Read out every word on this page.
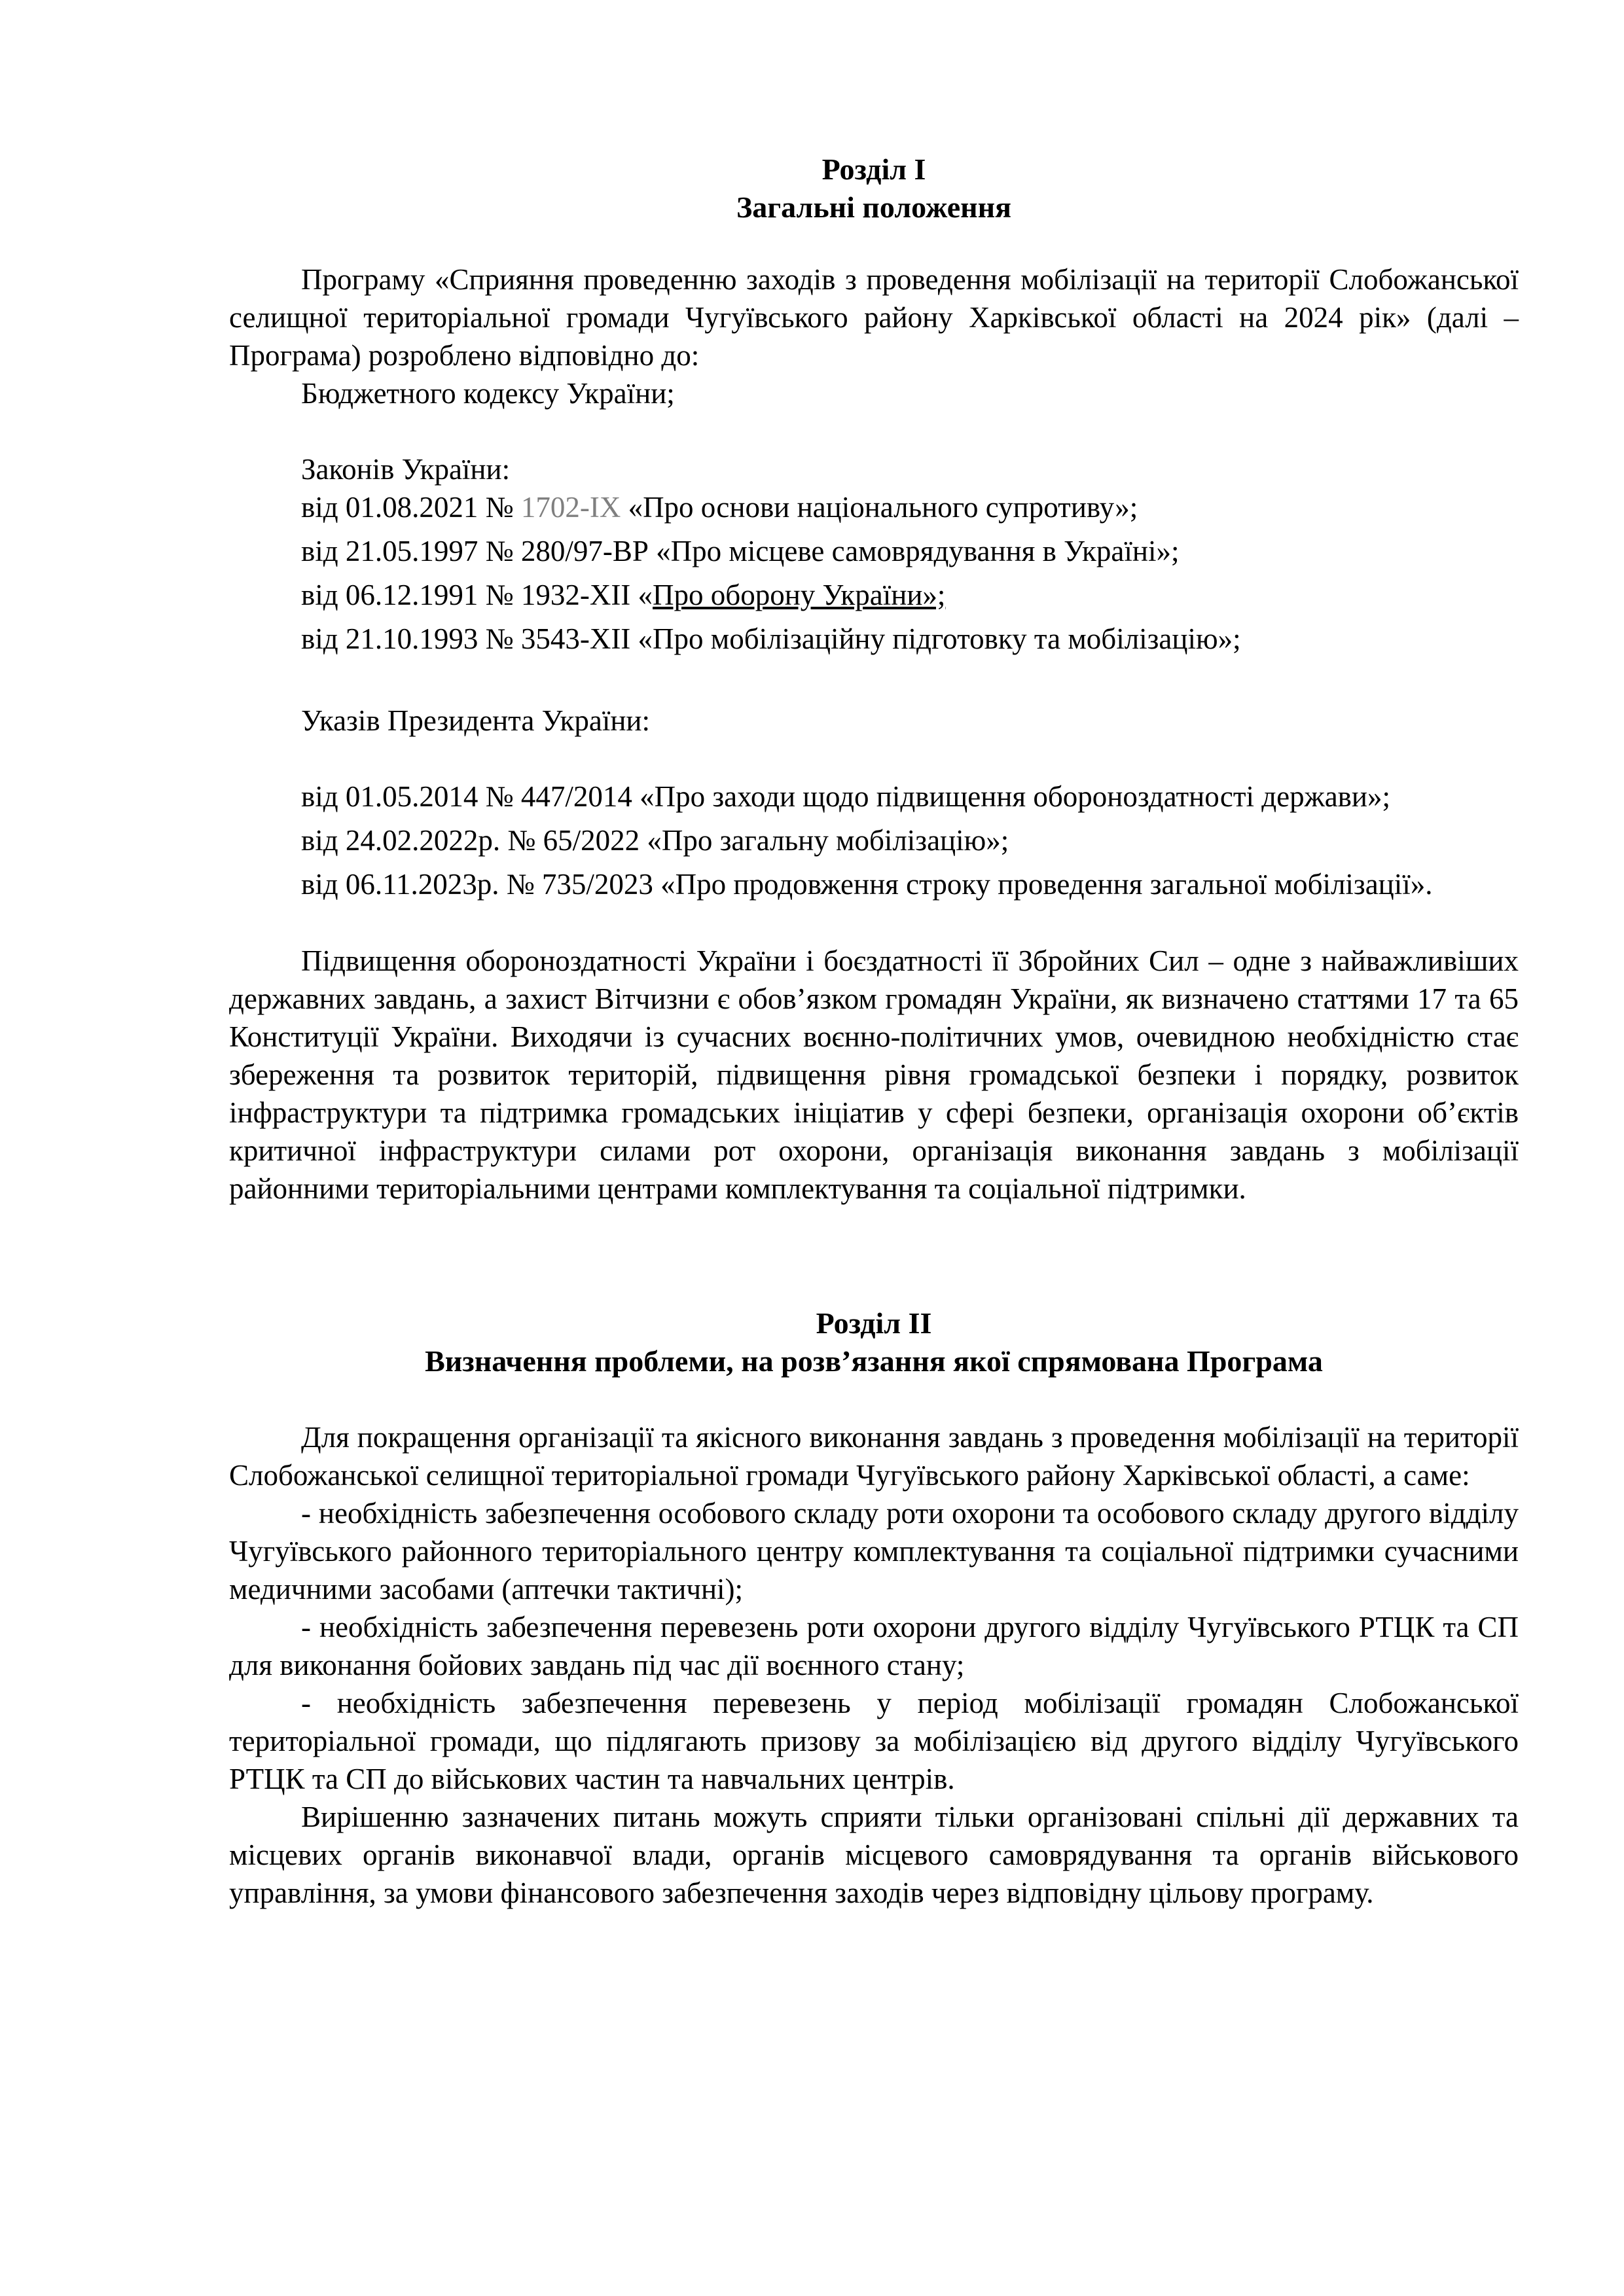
Розділ I
Загальні положення

Програму «Сприяння проведенню заходів з проведення мобілізації на території Слобожанської селищної територіальної громади Чугуївського району Харківської області на 2024 рік» (далі – Програма) розроблено відповідно до:

Бюджетного кодексу України;

Законів України:

від 01.08.2021 № 1702-IX «Про основи національного супротиву»;

від 21.05.1997 № 280/97-ВР «Про місцеве самоврядування в Україні»;

від 06.12.1991 № 1932-XII «Про оборону України»;

від 21.10.1993 № 3543-XII «Про мобілізаційну підготовку та мобілізацію»;

Указів Президента України:

від 01.05.2014 № 447/2014 «Про заходи щодо підвищення обороноздатності держави»;

від 24.02.2022р. № 65/2022 «Про загальну мобілізацію»;

від 06.11.2023р. № 735/2023 «Про продовження строку проведення загальної мобілізації».

Підвищення обороноздатності України і боєздатності її Збройних Сил – одне з найважливіших державних завдань, а захист Вітчизни є обов’язком громадян України, як визначено статтями 17 та 65 Конституції України. Виходячи із сучасних воєнно-політичних умов, очевидною необхідністю стає збереження та розвиток територій, підвищення рівня громадської безпеки і порядку, розвиток інфраструктури та підтримка громадських ініціатив у сфері безпеки, організація охорони об’єктів критичної інфраструктури силами рот охорони, організація виконання завдань з мобілізації районними територіальними центрами комплектування та соціальної підтримки.

Розділ II
Визначення проблеми, на розв’язання якої спрямована Програма

Для покращення організації та якісного виконання завдань з проведення мобілізації на території Слобожанської селищної територіальної громади Чугуївського району Харківської області, а саме:

- необхідність забезпечення особового складу роти охорони та особового складу другого відділу Чугуївського районного територіального центру комплектування та соціальної підтримки сучасними медичними засобами (аптечки тактичні);

- необхідність забезпечення перевезень роти охорони другого відділу Чугуївського РТЦК та СП для виконання бойових завдань під час дії воєнного стану;

- необхідність забезпечення перевезень у період мобілізації громадян Слобожанської територіальної громади, що підлягають призову за мобілізацією від другого відділу Чугуївського РТЦК та СП до військових частин та навчальних центрів.

Вирішенню зазначених питань можуть сприяти тільки організовані спільні дії державних та місцевих органів виконавчої влади, органів місцевого самоврядування та органів військового управління, за умови фінансового забезпечення заходів через відповідну цільову програму.
